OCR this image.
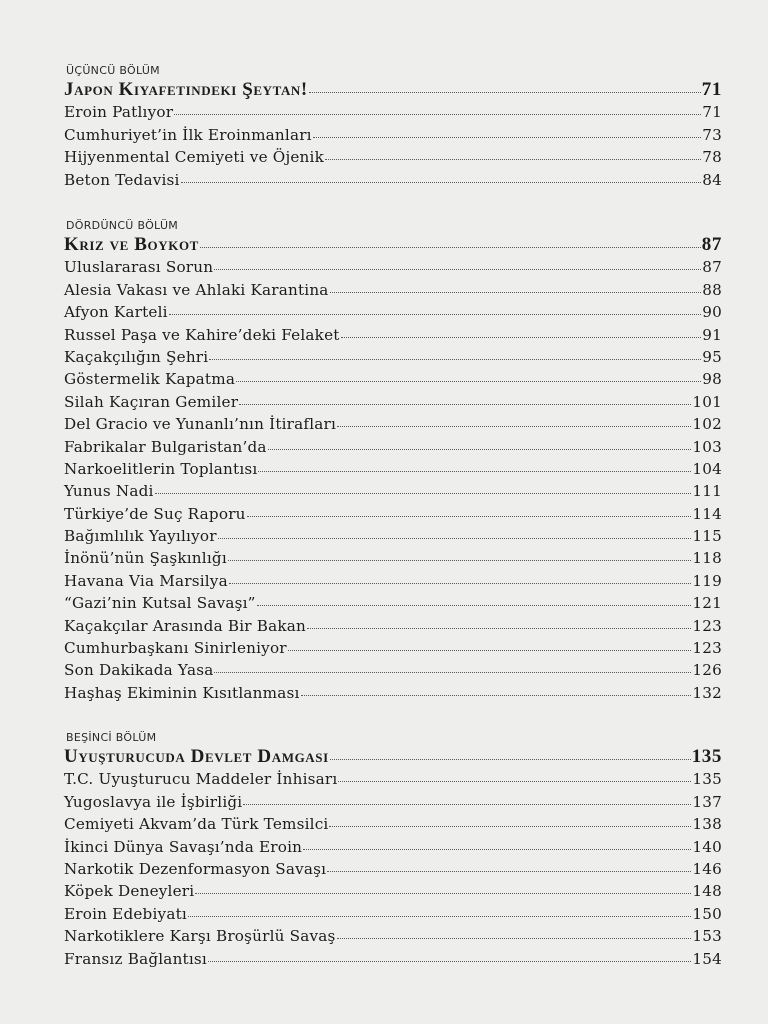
ÜÇÜNCÜ BÖLÜM
Japon Kıyafetindeki Şeytan!	71
Eroin Patlıyor	71
Cumhuriyet’in İlk Eroinmanları	73
Hijyenmental Cemiyeti ve Öjenik	78
Beton Tedavisi	84
DÖRDÜNCÜ BÖLÜM
Kriz ve Boykot	87
Uluslararası Sorun	87
Alesia Vakası ve Ahlaki Karantina	88
Afyon Karteli	90
Russel Paşa ve Kahire’deki Felaket	91
Kaçakçılığın Şehri	95
Göstermelik Kapatma	98
Silah Kaçıran Gemiler	101
Del Gracio ve Yunanlı’nın İtirafları	102
Fabrikalar Bulgaristan’da	103
Narkoelitlerin Toplantısı	104
Yunus Nadi	111
Türkiye’de Suç Raporu	114
Bağımlılık Yayılıyor	115
İnönü’nün Şaşkınlığı	118
Havana Via Marsilya	119
“Gazi’nin Kutsal Savaşı”	121
Kaçakçılar Arasında Bir Bakan	123
Cumhurbaşkanı Sinirleniyor	123
Son Dakikada Yasa	126
Haşhaş Ekiminin Kısıtlanması	132
BEŞİNCİ BÖLÜM
Uyuşturucuda Devlet Damgası	135
T.C. Uyuşturucu Maddeler İnhisarı	135
Yugoslavya ile İşbirliği	137
Cemiyeti Akvam’da Türk Temsilci	138
İkinci Dünya Savaşı’nda Eroin	140
Narkotik Dezenformasyon Savaşı	146
Köpek Deneyleri	148
Eroin Edebiyatı	150
Narkotiklere Karşı Broşürlü Savaş	153
Fransız Bağlantısı	154
